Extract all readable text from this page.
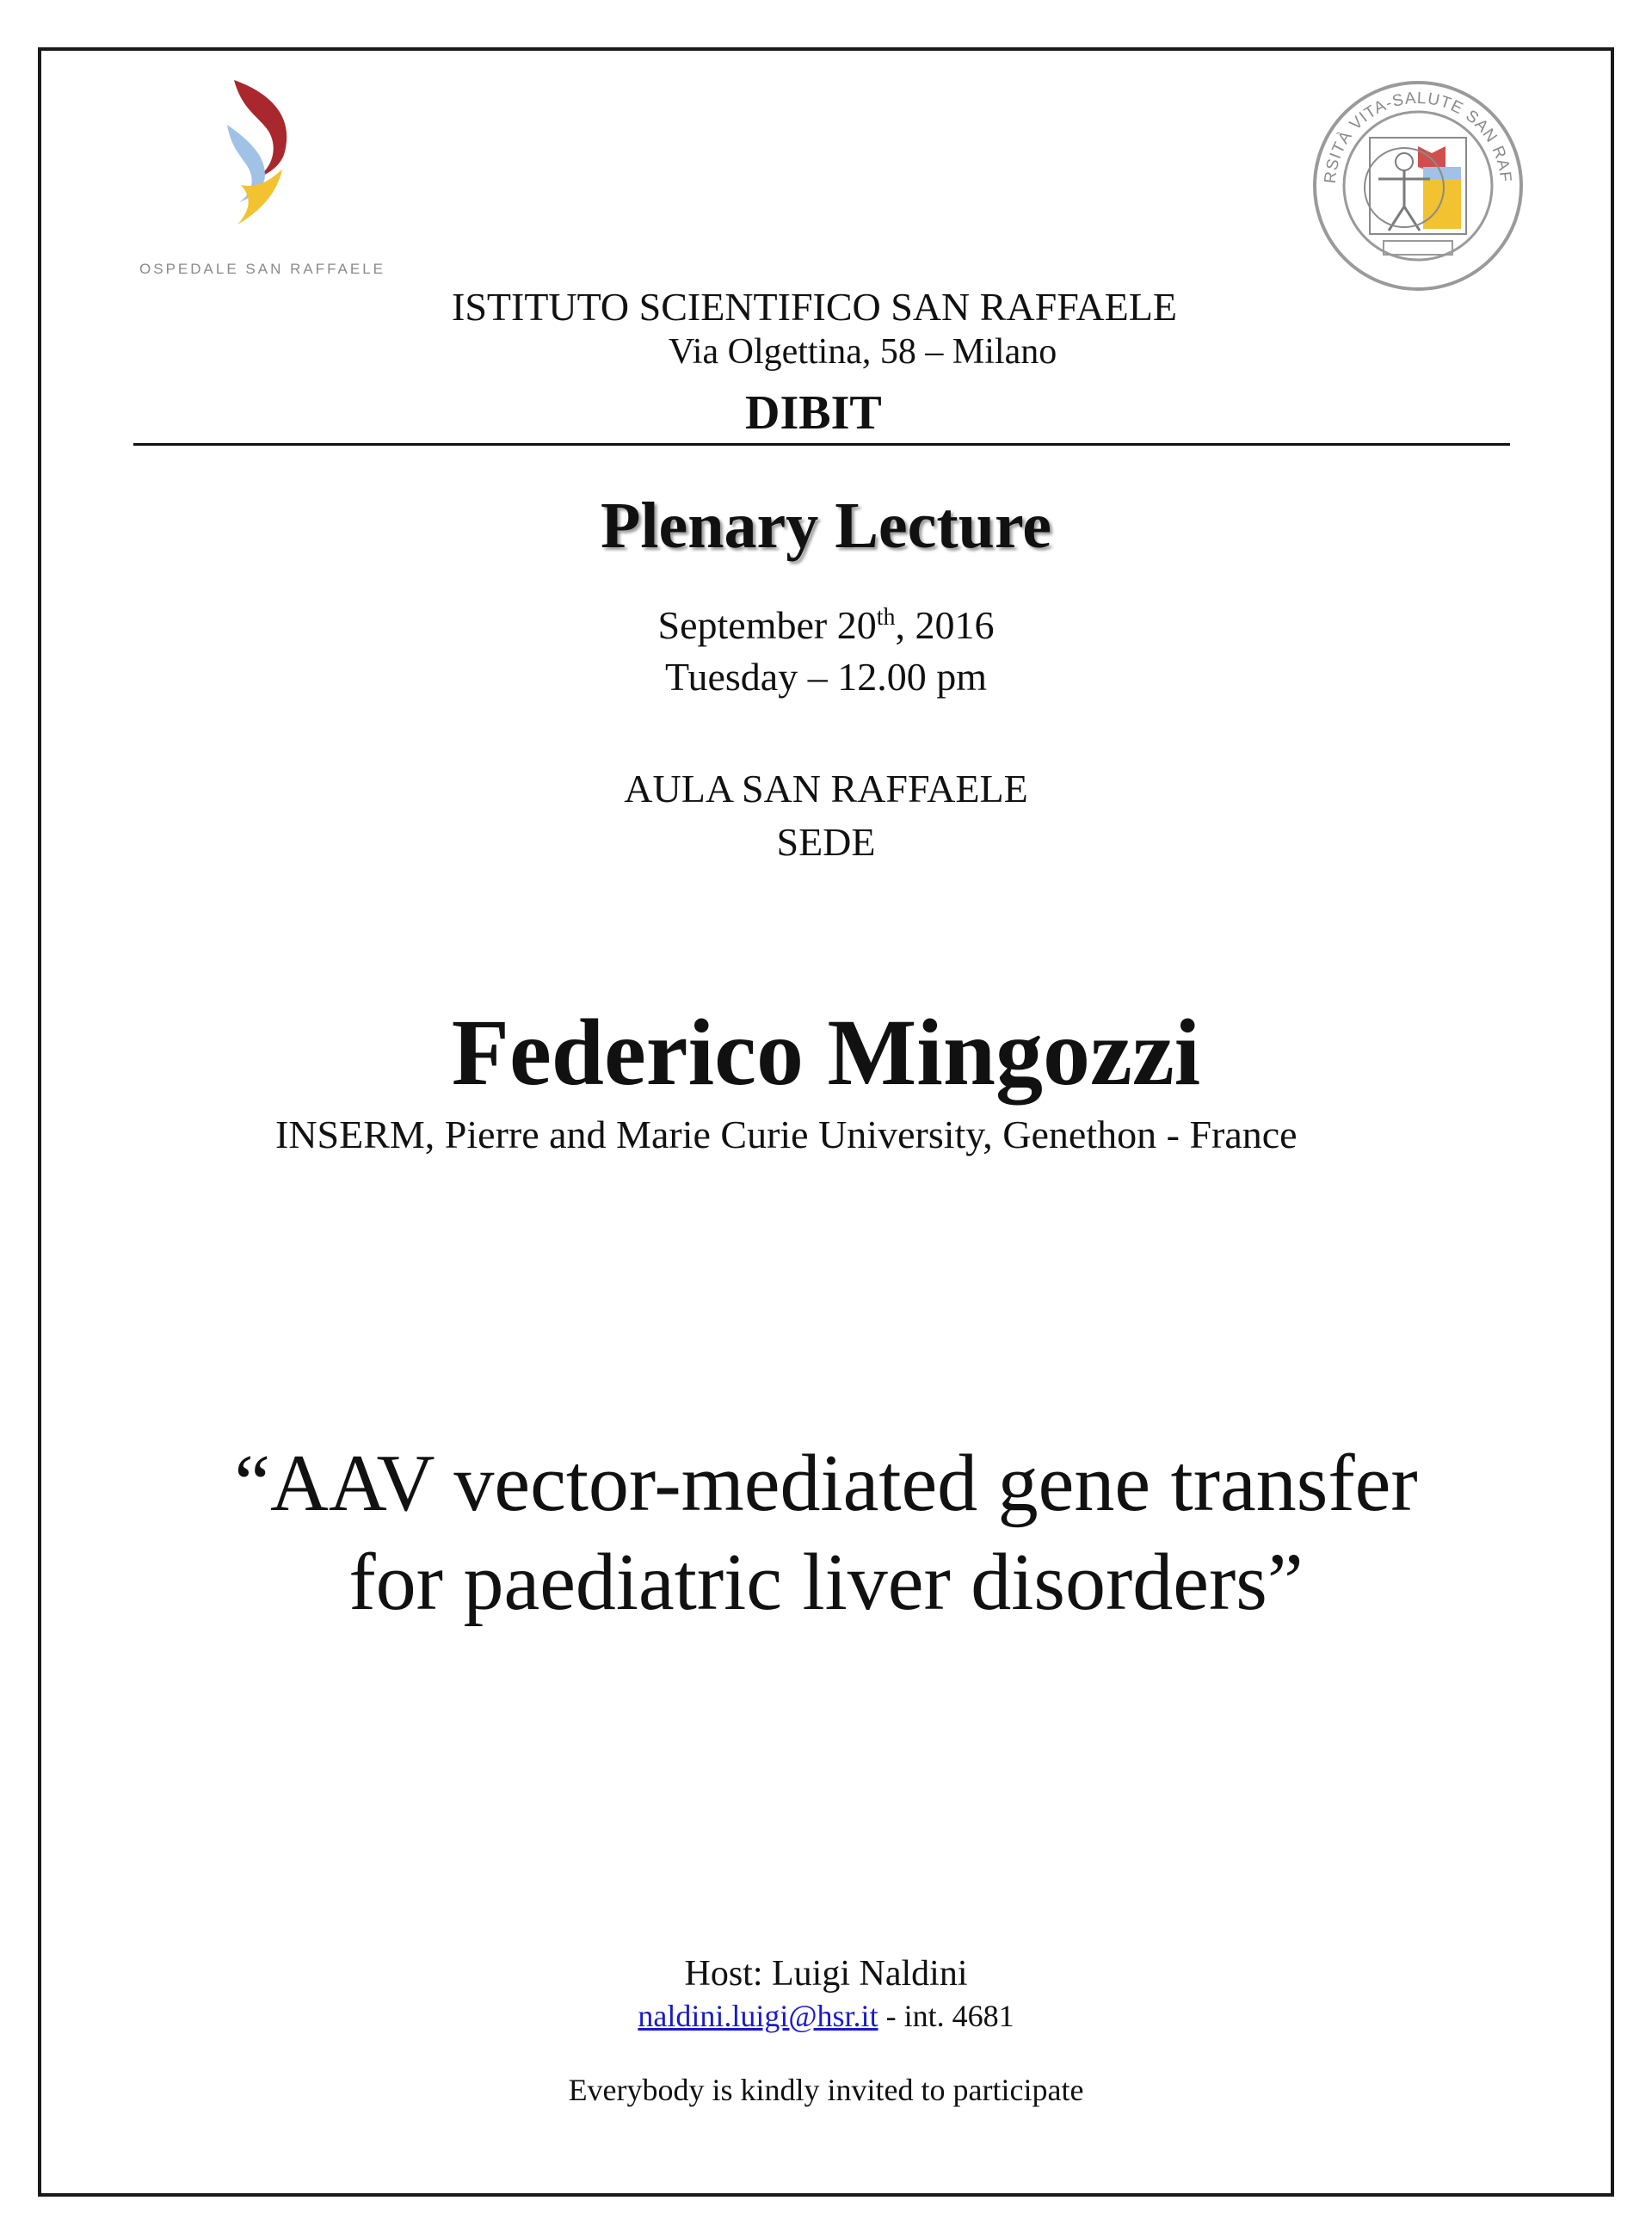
OSPEDALE SAN RAFFAELE
RSITÀ VITA-SALUTE SAN RAF
ISTITUTO SCIENTIFICO SAN RAFFAELE
Via Olgettina, 58 – Milano
DIBIT
Plenary Lecture
September 20th, 2016
Tuesday – 12.00 pm
AULA SAN RAFFAELE
SEDE
Federico Mingozzi
INSERM, Pierre and Marie Curie University, Genethon - France
“AAV vector-mediated gene transfer
for paediatric liver disorders”
Host: Luigi Naldini
naldini.luigi@hsr.it - int. 4681
Everybody is kindly invited to participate
